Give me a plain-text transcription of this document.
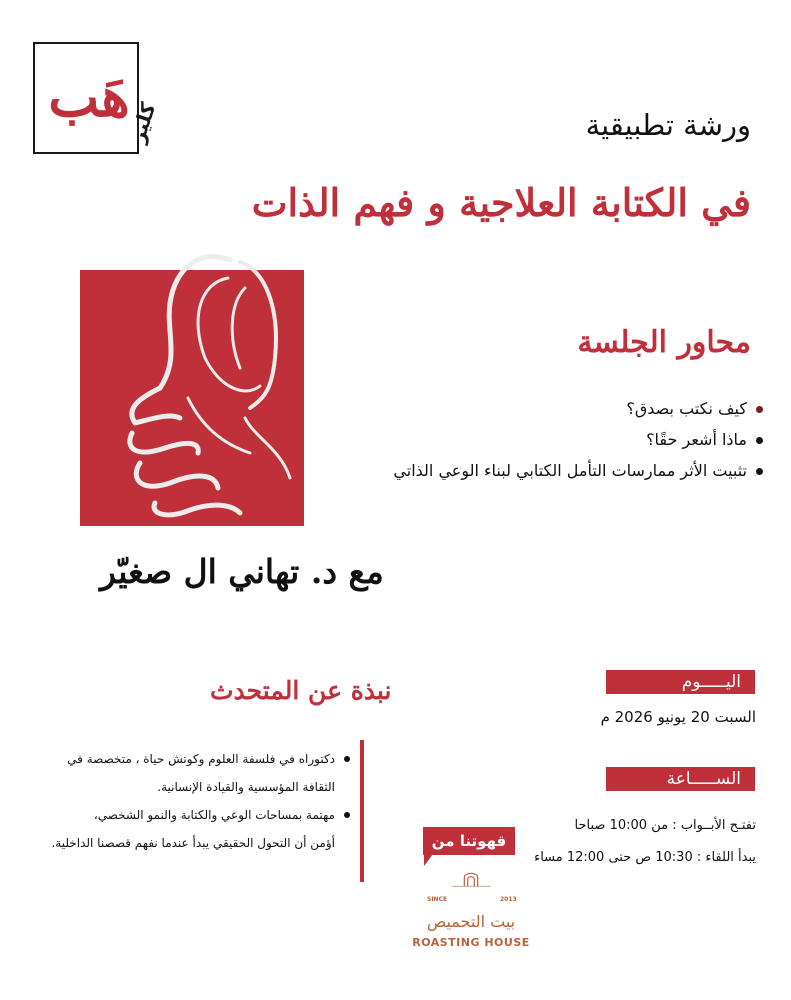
هَب
كلير	ورشة تطبيقية
في الكتابة العلاجية و فهم الذات
مع د. تهاني ال صغيّر
محاور الجلسة
كيف نكتب بصدق؟
ماذا أشعر حقًا؟
تثبيت الأثر ممارسات التأمل الكتابي لبناء الوعي الذاتي
نبذة عن المتحدث
دكتوراه في فلسفة العلوم وكوتش حياة ، متخصصة في
الثقافة المؤسسية والقيادة الإنسانية.
مهتمة بمساحات الوعي والكتابة والنمو الشخصي،
أؤمن أن التحول الحقيقي يبدأ عندما نفهم قصصنا الداخلية.
اليـــــوم
السبت 20 يونيو 2026 م
الســـــاعة
تفتـح الأبــواب : من 10:00 صباحا
يبدأ اللقاء : 10:30 ص حتى 12:00 مساء
قهوتنا من
SINCE	2013
بيت التحميص
ROASTING HOUSE
